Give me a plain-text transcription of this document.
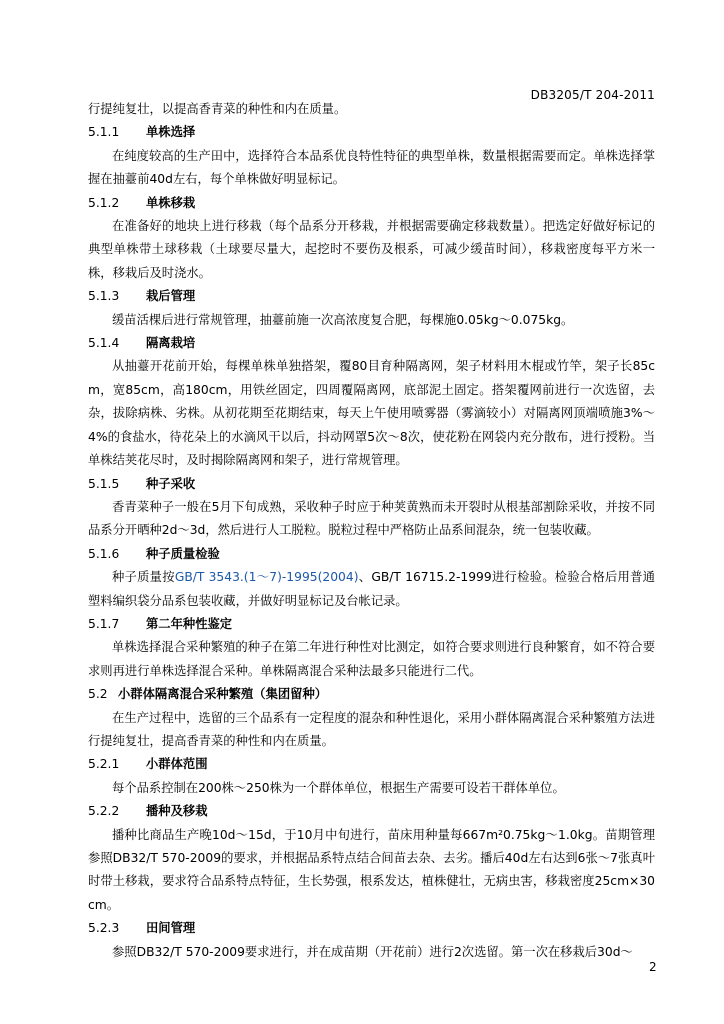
DB3205/T 204-2011

行提纯复壮，以提高香青菜的种性和内在质量。

5.1.1 单株选择

在纯度较高的生产田中，选择符合本品系优良特性特征的典型单株，数量根据需要而定。单株选择掌握在抽薹前40d左右，每个单株做好明显标记。

5.1.2 单株移栽

在准备好的地块上进行移栽（每个品系分开移栽，并根据需要确定移栽数量）。把选定好做好标记的典型单株带土球移栽（土球要尽量大，起挖时不要伤及根系，可减少缓苗时间），移栽密度每平方米一株，移栽后及时浇水。

5.1.3 栽后管理

缓苗活棵后进行常规管理，抽薹前施一次高浓度复合肥，每棵施0.05kg～0.075kg。

5.1.4 隔离栽培

从抽薹开花前开始，每棵单株单独搭架，覆80目育种隔离网，架子材料用木棍或竹竿，架子长85cm，宽85cm，高180cm，用铁丝固定，四周覆隔离网，底部泥土固定。搭架覆网前进行一次选留，去杂，拔除病株、劣株。从初花期至花期结束，每天上午使用喷雾器（雾滴较小）对隔离网顶端喷施3%～4%的食盐水，待花朵上的水滴风干以后，抖动网罩5次～8次，使花粉在网袋内充分散布，进行授粉。当单株结荚花尽时，及时揭除隔离网和架子，进行常规管理。

5.1.5 种子采收

香青菜种子一般在5月下旬成熟，采收种子时应于种荚黄熟而未开裂时从根基部割除采收，并按不同品系分开晒种2d～3d，然后进行人工脱粒。脱粒过程中严格防止品系间混杂，统一包装收藏。

5.1.6 种子质量检验

种子质量按GB/T 3543.(1～7)-1995(2004)、GB/T 16715.2-1999进行检验。检验合格后用普通塑料编织袋分品系包装收藏，并做好明显标记及台帐记录。

5.1.7 第二年种性鉴定

单株选择混合采种繁殖的种子在第二年进行种性对比测定，如符合要求则进行良种繁育，如不符合要求则再进行单株选择混合采种。单株隔离混合采种法最多只能进行二代。

5.2 小群体隔离混合采种繁殖（集团留种）

在生产过程中，选留的三个品系有一定程度的混杂和种性退化，采用小群体隔离混合采种繁殖方法进行提纯复壮，提高香青菜的种性和内在质量。

5.2.1 小群体范围

每个品系控制在200株～250株为一个群体单位，根据生产需要可设若干群体单位。

5.2.2 播种及移栽

播种比商品生产晚10d～15d，于10月中旬进行，苗床用种量每667m²0.75kg～1.0kg。苗期管理参照DB32/T 570-2009的要求，并根据品系特点结合间苗去杂、去劣。播后40d左右达到6张～7张真叶时带土移栽，要求符合品系特点特征，生长势强，根系发达，植株健壮，无病虫害，移栽密度25cm×30cm。

5.2.3 田间管理

参照DB32/T 570-2009要求进行，并在成苗期（开花前）进行2次选留。第一次在移栽后30d～

2
